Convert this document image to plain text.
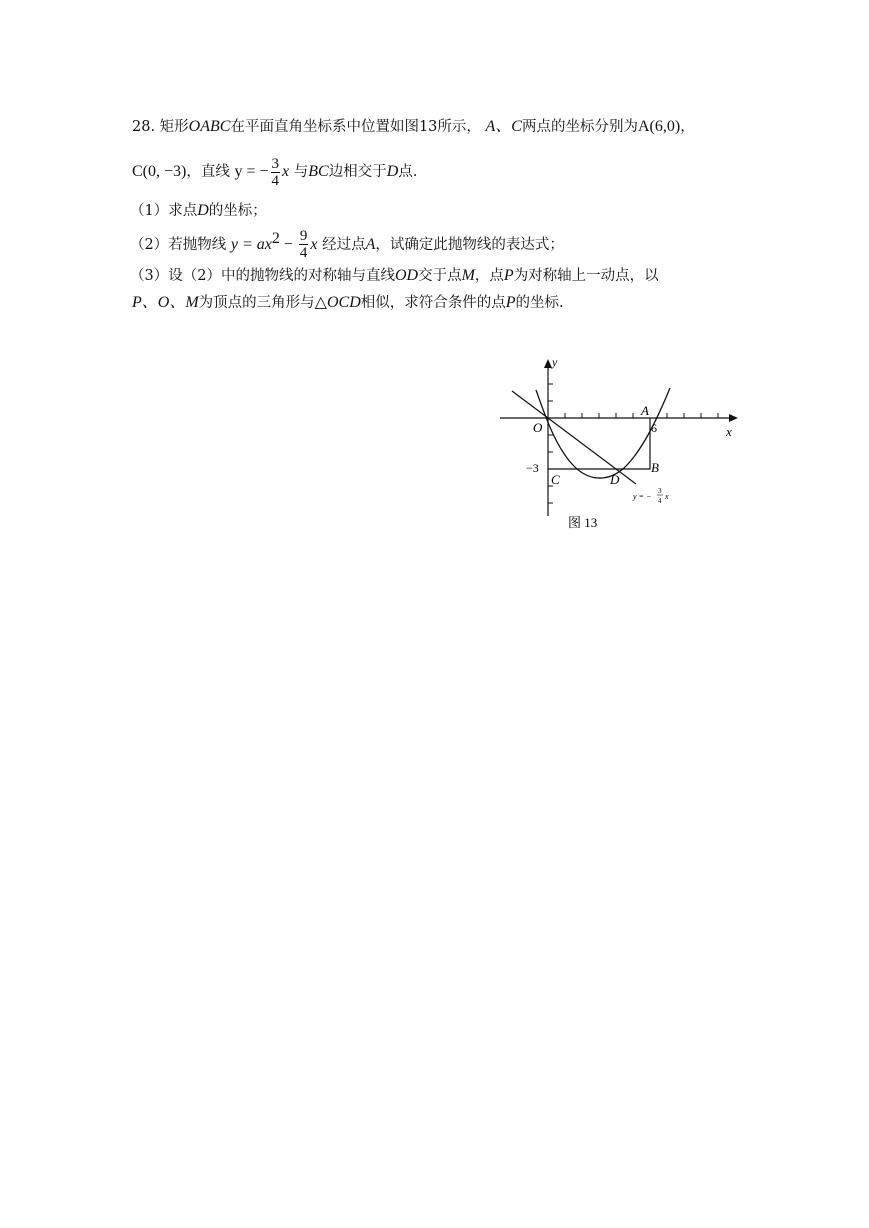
28. 矩形OABC在平面直角坐标系中位置如图13所示， A、C两点的坐标分别为A(6,0)，
C(0, −3)，直线 y = − $\frac{3}{4}$ x 与BC边相交于D点.
（1）求点D的坐标；
（2）若抛物线 $y = ax^2 - \frac{9}{4}$ x 经过点A，试确定此抛物线的表达式；
（3）设（2）中的抛物线的对称轴与直线OD交于点M，点P为对称轴上一动点，以
P、O、M为顶点的三角形与△OCD相似，求符合条件的点P的坐标.
y
x
O
A
6
B
C	D
−3
y = −
3
4 x
图 13
